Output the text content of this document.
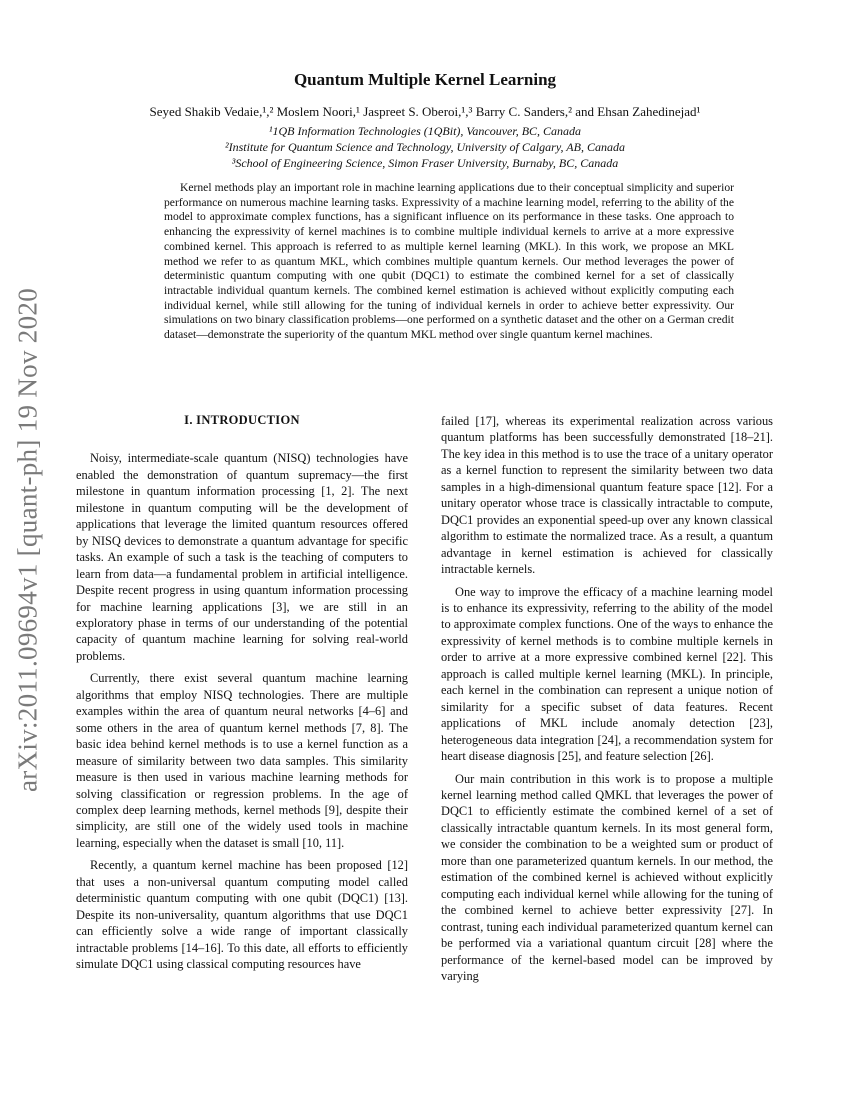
arXiv:2011.09694v1 [quant-ph] 19 Nov 2020
Quantum Multiple Kernel Learning
Seyed Shakib Vedaie,¹,² Moslem Noori,¹ Jaspreet S. Oberoi,¹,³ Barry C. Sanders,² and Ehsan Zahedinejad¹
¹1QB Information Technologies (1QBit), Vancouver, BC, Canada
²Institute for Quantum Science and Technology, University of Calgary, AB, Canada
³School of Engineering Science, Simon Fraser University, Burnaby, BC, Canada
Kernel methods play an important role in machine learning applications due to their conceptual simplicity and superior performance on numerous machine learning tasks. Expressivity of a machine learning model, referring to the ability of the model to approximate complex functions, has a significant influence on its performance in these tasks. One approach to enhancing the expressivity of kernel machines is to combine multiple individual kernels to arrive at a more expressive combined kernel. This approach is referred to as multiple kernel learning (MKL). In this work, we propose an MKL method we refer to as quantum MKL, which combines multiple quantum kernels. Our method leverages the power of deterministic quantum computing with one qubit (DQC1) to estimate the combined kernel for a set of classically intractable individual quantum kernels. The combined kernel estimation is achieved without explicitly computing each individual kernel, while still allowing for the tuning of individual kernels in order to achieve better expressivity. Our simulations on two binary classification problems—one performed on a synthetic dataset and the other on a German credit dataset—demonstrate the superiority of the quantum MKL method over single quantum kernel machines.
I. INTRODUCTION

Noisy, intermediate-scale quantum (NISQ) technologies have enabled the demonstration of quantum supremacy—the first milestone in quantum information processing [1, 2]. The next milestone in quantum computing will be the development of applications that leverage the limited quantum resources offered by NISQ devices to demonstrate a quantum advantage for specific tasks. An example of such a task is the teaching of computers to learn from data—a fundamental problem in artificial intelligence. Despite recent progress in using quantum information processing for machine learning applications [3], we are still in an exploratory phase in terms of our understanding of the potential capacity of quantum machine learning for solving real-world problems.

Currently, there exist several quantum machine learning algorithms that employ NISQ technologies. There are multiple examples within the area of quantum neural networks [4–6] and some others in the area of quantum kernel methods [7, 8]. The basic idea behind kernel methods is to use a kernel function as a measure of similarity between two data samples. This similarity measure is then used in various machine learning methods for solving classification or regression problems. In the age of complex deep learning methods, kernel methods [9], despite their simplicity, are still one of the widely used tools in machine learning, especially when the dataset is small [10, 11].

Recently, a quantum kernel machine has been proposed [12] that uses a non-universal quantum computing model called deterministic quantum computing with one qubit (DQC1) [13]. Despite its non-universality, quantum algorithms that use DQC1 can efficiently solve a wide range of important classically intractable problems [14–16]. To this date, all efforts to efficiently simulate DQC1 using classical computing resources have

failed [17], whereas its experimental realization across various quantum platforms has been successfully demonstrated [18–21]. The key idea in this method is to use the trace of a unitary operator as a kernel function to represent the similarity between two data samples in a high-dimensional quantum feature space [12]. For a unitary operator whose trace is classically intractable to compute, DQC1 provides an exponential speed-up over any known classical algorithm to estimate the normalized trace. As a result, a quantum advantage in kernel estimation is achieved for classically intractable kernels.

One way to improve the efficacy of a machine learning model is to enhance its expressivity, referring to the ability of the model to approximate complex functions. One of the ways to enhance the expressivity of kernel methods is to combine multiple kernels in order to arrive at a more expressive combined kernel [22]. This approach is called multiple kernel learning (MKL). In principle, each kernel in the combination can represent a unique notion of similarity for a specific subset of data features. Recent applications of MKL include anomaly detection [23], heterogeneous data integration [24], a recommendation system for heart disease diagnosis [25], and feature selection [26].

Our main contribution in this work is to propose a multiple kernel learning method called QMKL that leverages the power of DQC1 to efficiently estimate the combined kernel of a set of classically intractable quantum kernels. In its most general form, we consider the combination to be a weighted sum or product of more than one parameterized quantum kernels. In our method, the estimation of the combined kernel is achieved without explicitly computing each individual kernel while allowing for the tuning of the combined kernel to achieve better expressivity [27]. In contrast, tuning each individual parameterized quantum kernel can be performed via a variational quantum circuit [28] where the performance of the kernel-based model can be improved by varying
